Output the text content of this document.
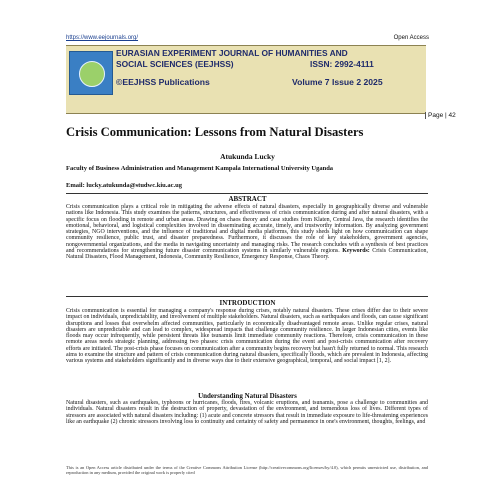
https://www.eejournals.org/	Open Access
EURASIAN EXPERIMENT JOURNAL OF HUMANITIES AND
SOCIAL SCIENCES (EEJHSS)	ISSN: 2992-4111
©EEJHSS Publications	Volume 7 Issue 2 2025
Page | 42
Crisis Communication: Lessons from Natural Disasters
Atukunda Lucky
Faculty of Business Administration and Management Kampala International University Uganda
Email: lucky.atukunda@studwc.kiu.ac.ug
ABSTRACT
Crisis communication plays a critical role in mitigating the adverse effects of natural disasters, especially in geographically diverse and vulnerable nations like Indonesia. This study examines the patterns, structures, and effectiveness of crisis communication during and after natural disasters, with a specific focus on flooding in remote and urban areas. Drawing on chaos theory and case studies from Klaten, Central Java, the research identifies the emotional, behavioral, and logistical complexities involved in disseminating accurate, timely, and trustworthy information. By analyzing government strategies, NGO interventions, and the influence of traditional and digital media platforms, this study sheds light on how communication can shape community resilience, public trust, and disaster preparedness. Furthermore, it discusses the role of key stakeholders, government agencies, nongovernmental organizations, and the media in navigating uncertainty and managing risks. The research concludes with a synthesis of best practices and recommendations for strengthening future disaster communication systems in similarly vulnerable regions. Keywords: Crisis Communication, Natural Disasters, Flood Management, Indonesia, Community Resilience, Emergency Response, Chaos Theory.
INTRODUCTION
Crisis communication is essential for managing a company's response during crises, notably natural disasters. These crises differ due to their severe impact on individuals, unpredictability, and involvement of multiple stakeholders. Natural disasters, such as earthquakes and floods, can cause significant disruptions and losses that overwhelm affected communities, particularly in economically disadvantaged remote areas. Unlike regular crises, natural disasters are unpredictable and can lead to complex, widespread impacts that challenge community resilience. In larger Indonesian cities, events like floods may occur infrequently, while persistent threats like tsunamis limit immediate community reactions. Therefore, crisis communication in these remote areas needs strategic planning, addressing two phases: crisis communication during the event and post-crisis communication after recovery efforts are initiated. The post-crisis phase focuses on communication after a community begins recovery but hasn't fully returned to normal. This research aims to examine the structure and pattern of crisis communication during natural disasters, specifically floods, which are prevalent in Indonesia, affecting various systems and stakeholders significantly and in diverse ways due to their extensive geographical, temporal, and social impact [1, 2].
Understanding Natural Disasters
Natural disasters, such as earthquakes, typhoons or hurricanes, floods, fires, volcanic eruptions, and tsunamis, pose a challenge to communities and individuals. Natural disasters result in the destruction of property, devastation of the environment, and tremendous loss of lives. Different types of stressors are associated with natural disasters including: (1) acute and concrete stressors that result in immediate exposure to life-threatening experiences like an earthquake (2) chronic stressors involving loss to continuity and certainty of safety and permanence in one's environment, thoughts, feelings, and
This is an Open Access article distributed under the terms of the Creative Commons Attribution License (http://creativecommons.org/licenses/by/4.0), which permits unrestricted use, distribution, and reproduction in any medium, provided the original work is properly cited
